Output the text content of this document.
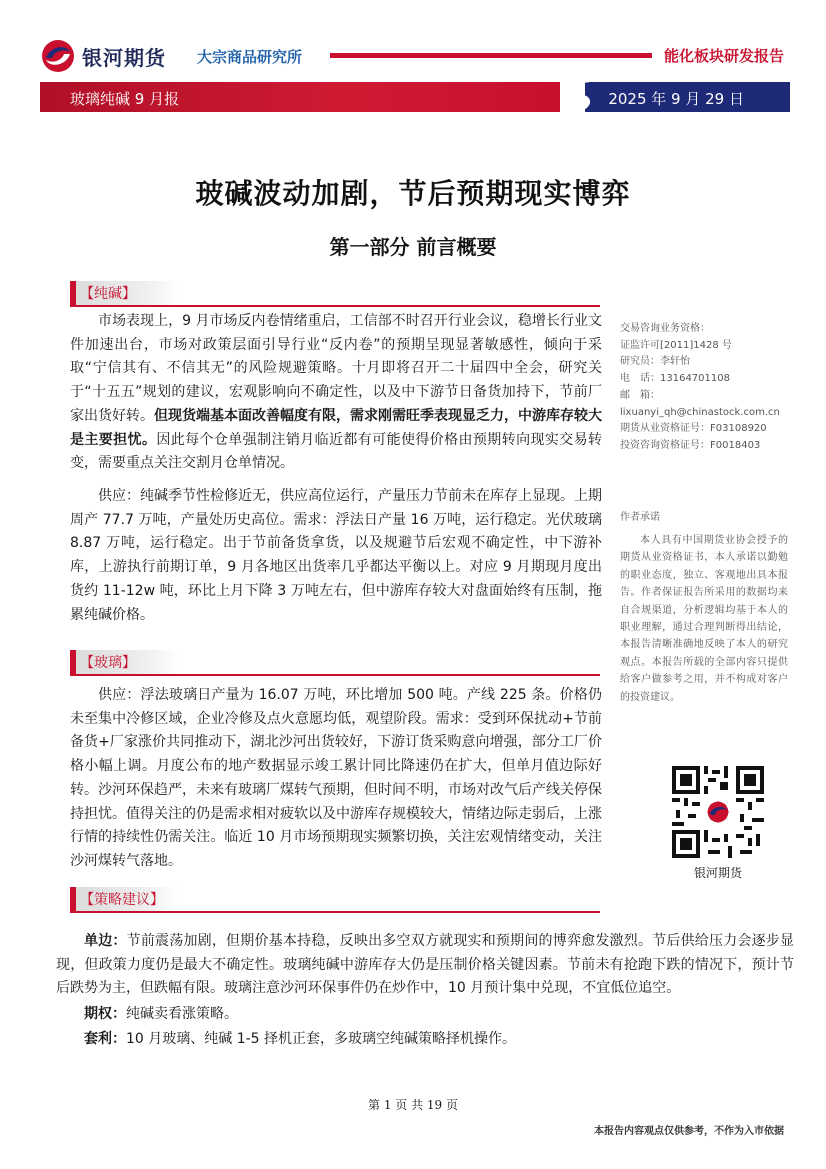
银河期货 大宗商品研究所	能化板块研发报告
玻璃纯碱 9 月报	2025 年 9 月 29 日
玻碱波动加剧，节后预期现实博弈
第一部分 前言概要
【纯碱】

市场表现上，9 月市场反内卷情绪重启，工信部不时召开行业会议，稳增长行业文件加速出台，市场对政策层面引导行业“反内卷”的预期呈现显著敏感性，倾向于采取“宁信其有、不信其无”的风险规避策略。十月即将召开二十届四中全会，研究关于“十五五”规划的建议，宏观影响向不确定性，以及中下游节日备货加持下，节前厂家出货好转。但现货端基本面改善幅度有限，需求刚需旺季表现显乏力，中游库存较大是主要担忧。因此每个仓单强制注销月临近都有可能使得价格由预期转向现实交易转变，需要重点关注交割月仓单情况。

供应：纯碱季节性检修近无，供应高位运行，产量压力节前未在库存上显现。上期周产 77.7 万吨，产量处历史高位。需求：浮法日产量 16 万吨，运行稳定。光伏玻璃 8.87 万吨，运行稳定。出于节前备货拿货，以及规避节后宏观不确定性，中下游补库，上游执行前期订单，9 月各地区出货率几乎都达平衡以上。对应 9 月期现月度出货约 11-12w 吨，环比上月下降 3 万吨左右，但中游库存较大对盘面始终有压制，拖累纯碱价格。

【玻璃】

供应：浮法玻璃日产量为 16.07 万吨，环比增加 500 吨。产线 225 条。价格仍未至集中冷修区域，企业冷修及点火意愿均低，观望阶段。需求：受到环保扰动+节前备货+厂家涨价共同推动下，湖北沙河出货较好，下游订货采购意向增强，部分工厂价格小幅上调。月度公布的地产数据显示竣工累计同比降速仍在扩大，但单月值边际好转。沙河环保趋严，未来有玻璃厂煤转气预期，但时间不明，市场对改气后产线关停保持担忧。值得关注的仍是需求相对疲软以及中游库存规模较大，情绪边际走弱后，上涨行情的持续性仍需关注。临近 10 月市场预期现实频繁切换，关注宏观情绪变动，关注沙河煤转气落地。

【策略建议】

单边：节前震荡加剧，但期价基本持稳，反映出多空双方就现实和预期间的博弈愈发激烈。节后供给压力会逐步显现，但政策力度仍是最大不确定性。玻璃纯碱中游库存大仍是压制价格关键因素。节前未有抢跑下跌的情况下，预计节后跌势为主，但跌幅有限。玻璃注意沙河环保事件仍在炒作中，10 月预计集中兑现，不宜低位追空。

期权：纯碱卖看涨策略。

套利：10 月玻璃、纯碱 1-5 择机正套，多玻璃空纯碱策略择机操作。

交易咨询业务资格：
证监许可[2011]1428 号
研究员：李轩怡
电　话：13164701108
邮　箱：
lixuanyi_qh@chinastock.com.cn
期货从业资格证号：F03108920
投资咨询资格证号：F0018403
作者承诺

本人具有中国期货业协会授予的期货从业资格证书，本人承诺以勤勉的职业态度，独立、客观地出具本报告。作者保证报告所采用的数据均来自合规渠道，分析逻辑均基于本人的职业理解，通过合理判断得出结论，本报告清晰准确地反映了本人的研究观点。本报告所载的全部内容只提供给客户做参考之用，并不构成对客户的投资建议。

银河期货
第 1 页 共 19 页
本报告内容观点仅供参考，不作为入市依据
